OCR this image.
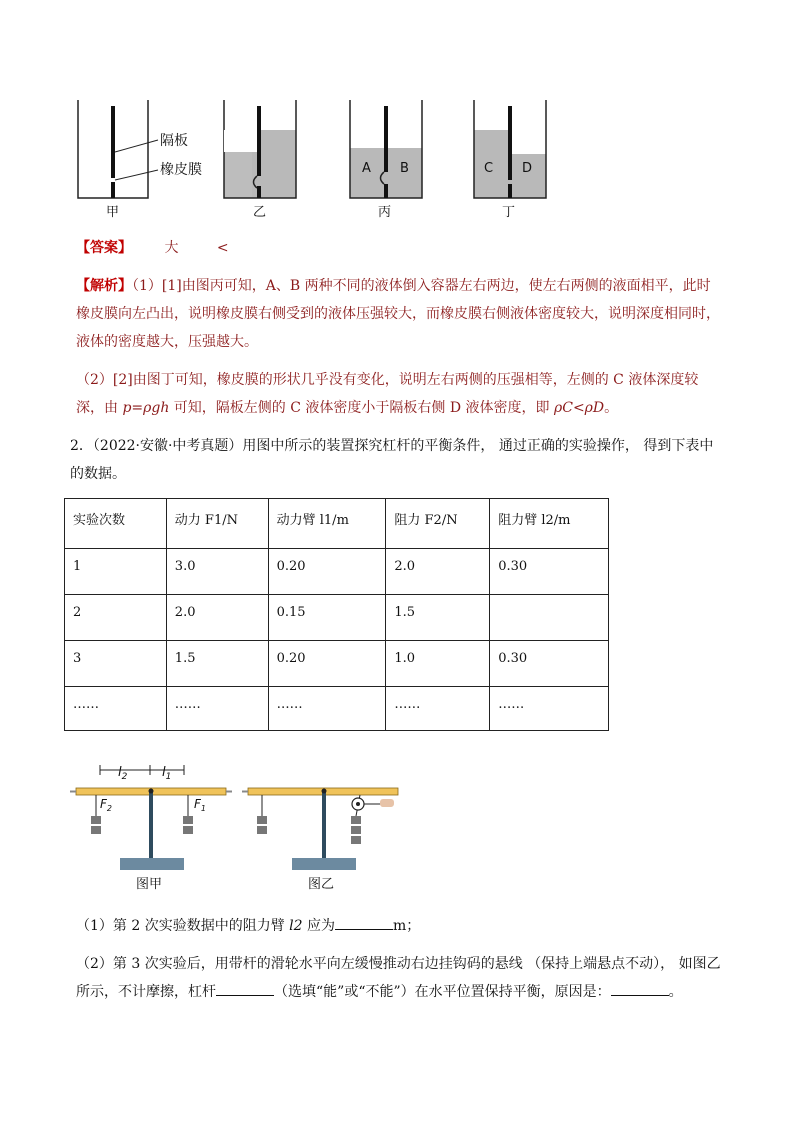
隔板
橡皮膜
甲	乙
A B
丙
C D
丁
【答案】 大	<
【解析】（1）[1]由图丙可知，A、B 两种不同的液体倒入容器左右两边，使左右两侧的液面相平，此时橡皮膜向左凸出，说明橡皮膜右侧受到的液体压强较大，而橡皮膜右侧液体密度较大，说明深度相同时，液体的密度越大，压强越大。
（2）[2]由图丁可知，橡皮膜的形状几乎没有变化，说明左右两侧的压强相等，左侧的 C 液体深度较深，由 p=ρgh 可知，隔板左侧的 C 液体密度小于隔板右侧 D 液体密度，即 ρC<ρD。
2．（2022·安徽·中考真题）用图中所示的装置探究杠杆的平衡条件， 通过正确的实验操作， 得到下表中的数据。
实验次数	动力 F1/N	动力臂 l1/m	阻力 F2/N	阻力臂 l2/m

1	3.0	0.20	2.0	0.30

2	2.0	0.15	1.5	

3	1.5	0.20	1.0	0.30

……	……	……	……	……
$l_2$	$l_1$
$F_2$	$F_1$
图甲	图乙
（1）第 2 次实验数据中的阻力臂 l2 应为	m；
（2）第 3 次实验后，用带杆的滑轮水平向左缓慢推动右边挂钩码的悬线 （保持上端悬点不动）， 如图乙所示，不计摩擦，杠杆	（选填“能”或“不能”）在水平位置保持平衡，原因是：	。
